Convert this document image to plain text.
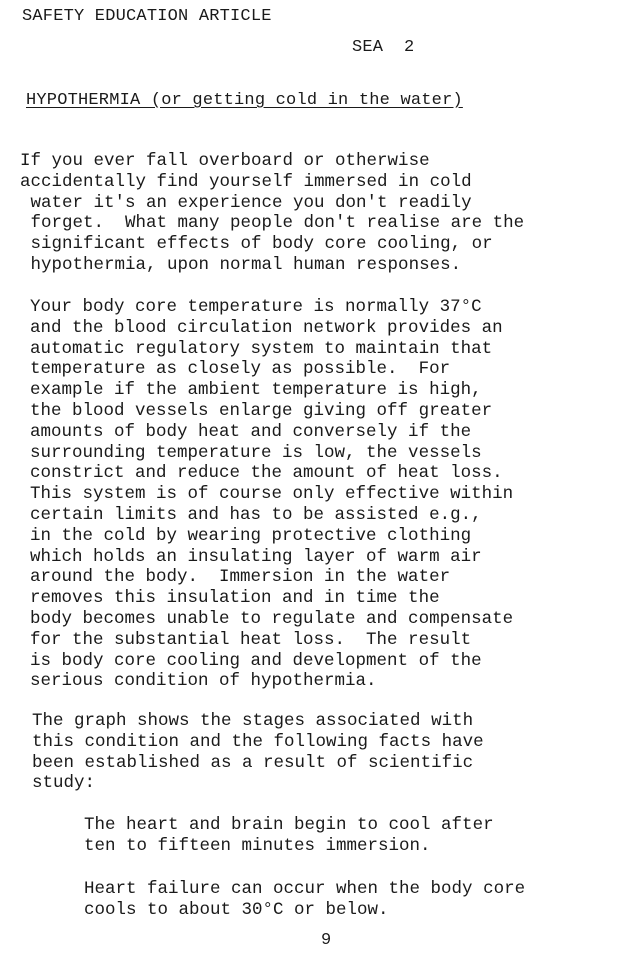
SAFETY EDUCATION ARTICLE
SEA  2
HYPOTHERMIA (or getting cold in the water)
If you ever fall overboard or otherwise
accidentally find yourself immersed in cold
water it's an experience you don't readily
forget.  What many people don't realise are the
significant effects of body core cooling, or
hypothermia, upon normal human responses.
Your body core temperature is normally 37°C
and the blood circulation network provides an
automatic regulatory system to maintain that
temperature as closely as possible.  For
example if the ambient temperature is high,
the blood vessels enlarge giving off greater
amounts of body heat and conversely if the
surrounding temperature is low, the vessels
constrict and reduce the amount of heat loss.
This system is of course only effective within
certain limits and has to be assisted e.g.,
in the cold by wearing protective clothing
which holds an insulating layer of warm air
around the body.  Immersion in the water
removes this insulation and in time the
body becomes unable to regulate and compensate
for the substantial heat loss.  The result
is body core cooling and development of the
serious condition of hypothermia.
The graph shows the stages associated with
this condition and the following facts have
been established as a result of scientific
study:
The heart and brain begin to cool after
ten to fifteen minutes immersion.
Heart failure can occur when the body core
cools to about 30°C or below.
9
